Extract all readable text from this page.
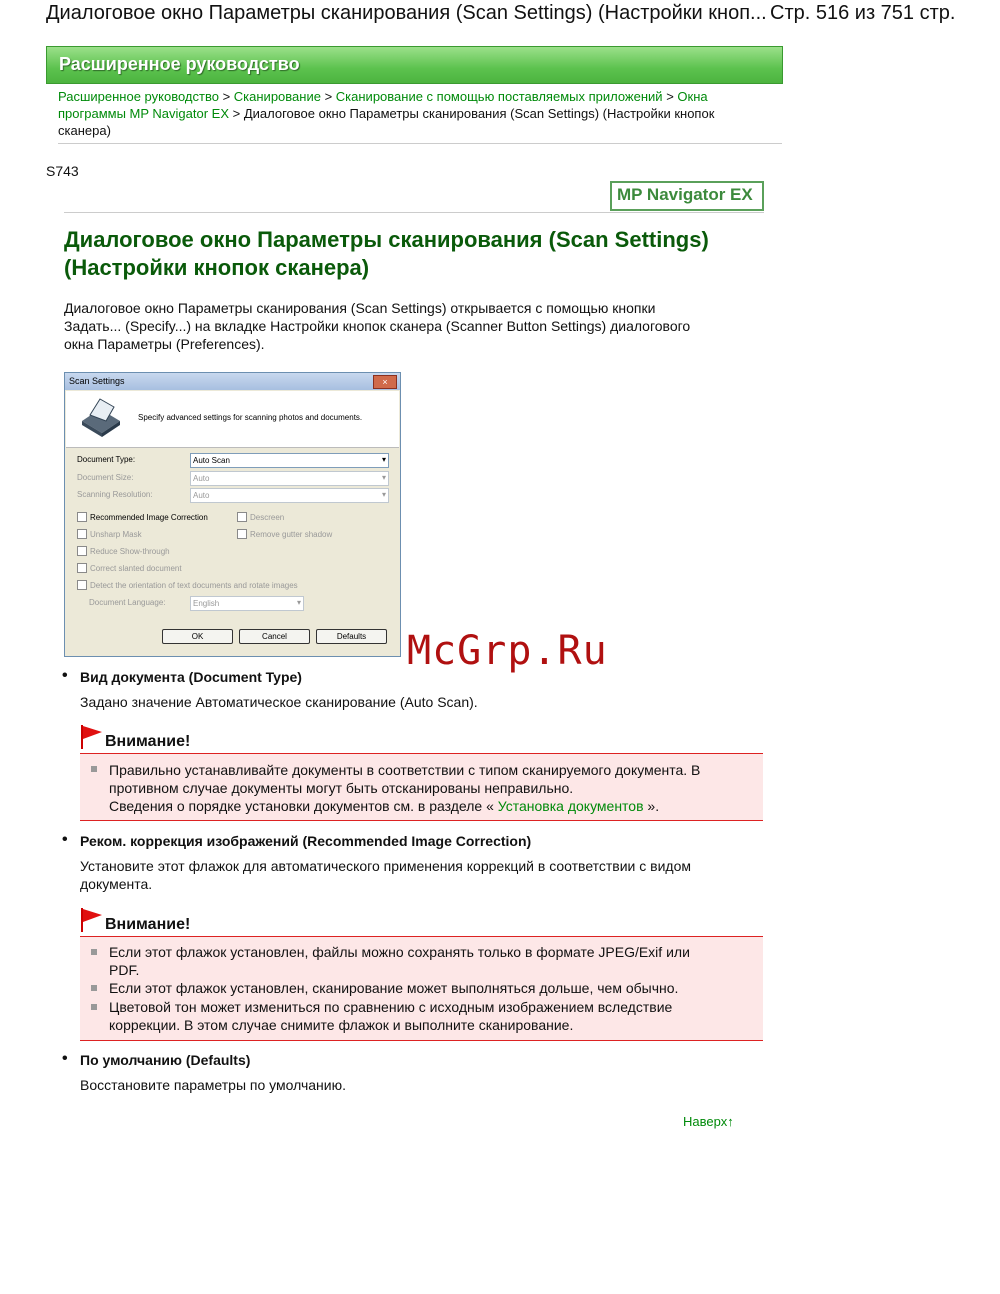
Диалоговое окно Параметры сканирования (Scan Settings) (Настройки кноп... Стр. 516 из 751 стр.
Расширенное руководство
Расширенное руководство > Сканирование > Сканирование с помощью поставляемых приложений > Окна
программы MP Navigator EX > Диалоговое окно Параметры сканирования (Scan Settings) (Настройки кнопок
сканера)
S743
MP Navigator EX
Диалоговое окно Параметры сканирования (Scan Settings)
(Настройки кнопок сканера)
Диалоговое окно Параметры сканирования (Scan Settings) открывается с помощью кнопки
Задать... (Specify...) на вкладке Настройки кнопок сканера (Scanner Button Settings) диалогового
окна Параметры (Preferences).
Scan Settings	×
Specify advanced settings for scanning photos and documents.
Document Type:	Auto Scan	▾
Document Size:	Auto	▾
Scanning Resolution:	Auto	▾
Recommended Image Correction
Unsharp Mask
Reduce Show-through
Correct slanted document
Detect the orientation of text documents and rotate images
Descreen
Remove gutter shadow
Document Language:	English	▾
OK	Cancel	Defaults	McGrp.Ru
• Вид документа (Document Type)
Задано значение Автоматическое сканирование (Auto Scan).
Внимание!
Правильно устанавливайте документы в соответствии с типом сканируемого документа. В
противном случае документы могут быть отсканированы неправильно.
Сведения о порядке установки документов см. в разделе « Установка документов ».
• Реком. коррекция изображений (Recommended Image Correction)
Установите этот флажок для автоматического применения коррекций в соответствии с видом
документа.
Внимание!
Если этот флажок установлен, файлы можно сохранять только в формате JPEG/Exif или
PDF.
Если этот флажок установлен, сканирование может выполняться дольше, чем обычно.
Цветовой тон может измениться по сравнению с исходным изображением вследствие
коррекции. В этом случае снимите флажок и выполните сканирование.
• По умолчанию (Defaults)
Восстановите параметры по умолчанию.
Наверх↑
